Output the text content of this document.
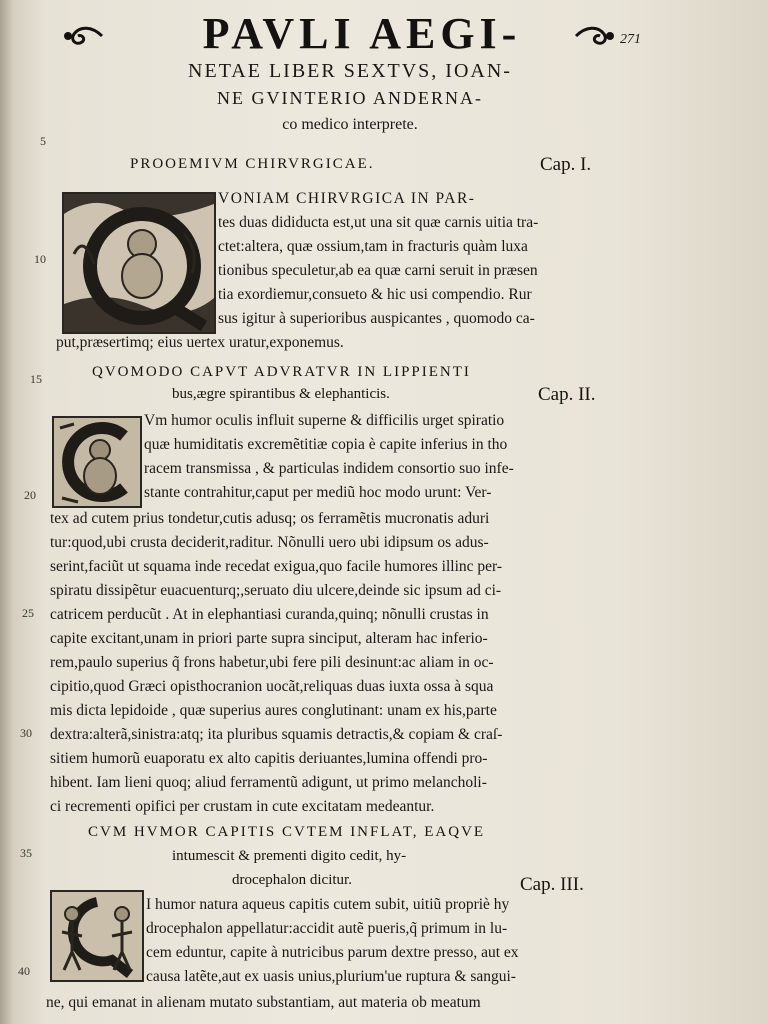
PAVLI AEGI-	271
NETAE LIBER SEXTVS, IOAN-
NE GVINTERIO ANDERNA-
co medico interprete.
5
10
15
20
25
30
35
40
PROOEMIVM CHIRVRGICAE.	Cap. I.
VONIAM CHIRVRGICA IN PAR-
tes duas dididucta est,ut una sit quæ carnis uitia tra-
ctet:altera, quæ ossium,tam in fracturis quàm luxa
tionibus speculetur,ab ea quæ carni seruit in præsen
tia exordiemur,consueto & hic usi compendio. Rur
sus igitur à superioribus auspicantes , quomodo ca-
put,præsertimq; eius uertex uratur,exponemus.
QVOMODO CAPVT ADVRATVR IN LIPPIENTI
bus,ægre spirantibus & elephanticis.	Cap. II.
Vm humor oculis influit superne & difficilis urget spiratio
quæ humiditatis excremẽtitiæ copia è capite inferius in tho
racem transmissa , & particulas indidem consortio suo infe-
stante contrahitur,caput per mediũ hoc modo urunt: Ver-
tex ad cutem prius tondetur,cutis adusq; os ferramẽtis mucronatis aduri
tur:quod,ubi crusta deciderit,raditur. Nõnulli uero ubi idipsum os adus-
serint,faciũt ut squama inde recedat exigua,quo facile humores illinc per-
spiratu dissipẽtur euacuenturq;,seruato diu ulcere,deinde sic ipsum ad ci-
catricem perducũt . At in elephantiasi curanda,quinq; nõnulli crustas in
capite excitant,unam in priori parte supra sinciput, alteram hac inferio-
rem,paulo superius q̃ frons habetur,ubi fere pili desinunt:ac aliam in oc-
cipitio,quod Græci opisthocranion uocãt,reliquas duas iuxta ossa à squa
mis dicta lepidoide , quæ superius aures conglutinant: unam ex his,parte
dextra:alterã,sinistra:atq; ita pluribus squamis detractis,& copiam & craſ-
sitiem humorũ euaporatu ex alto capitis deriuantes,lumina offendi pro-
hibent. Iam lieni quoq; aliud ferramentũ adigunt, ut primo melancholi-
ci recrementi opifici per crustam in cute excitatam medeantur.
CVM HVMOR CAPITIS CVTEM INFLAT, EAQVE
intumescit & prementi digito cedit, hy-
drocephalon dicitur.	Cap. III.
I humor natura aqueus capitis cutem subit, uitiũ propriè hy
drocephalon appellatur:accidit autẽ pueris,q̃ primum in lu-
cem eduntur, capite à nutricibus parum dextre presso, aut ex
causa latẽte,aut ex uasis unius,plurium'ue ruptura & sangui-
ne, qui emanat in alienam mutato substantiam, aut materia ob meatum
